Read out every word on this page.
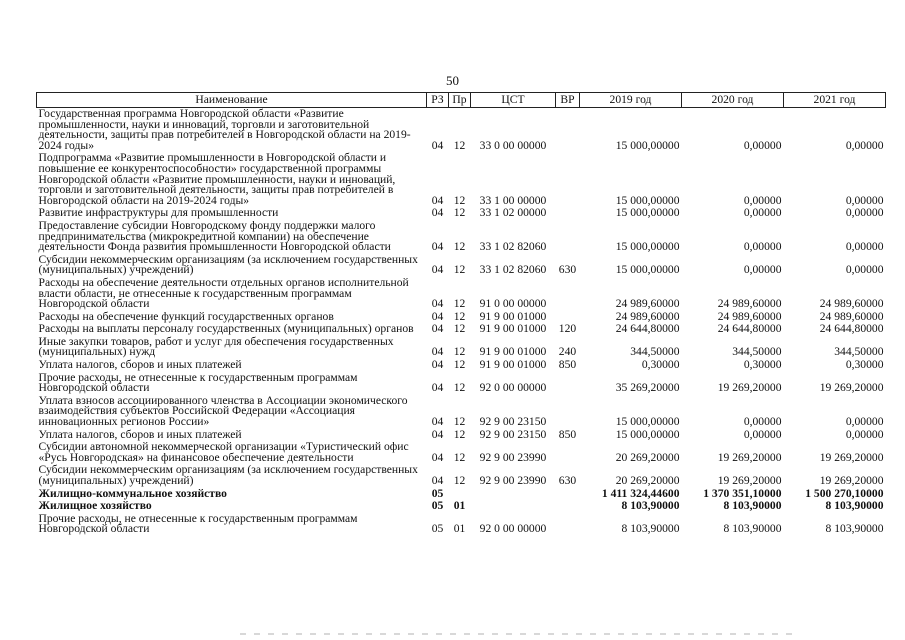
50
Наименование	РЗ	Пр	ЦСТ	ВР	2019 год	2020 год	2021 год
Государственная программа Новгородской области «Развитие промышленности, науки и инноваций, торговли и заготовительной деятельности, защиты прав потребителей в Новгородской области на 2019-2024 годы»	04	12	33 0 00 00000		15 000,00000	0,00000	0,00000
Подпрограмма «Развитие промышленности в Новгородской области и повышение ее конкурентоспособности» государственной программы Новгородской области «Развитие промышленности, науки и инноваций, торговли и заготовительной деятельности, защиты прав потребителей в Новгородской области на 2019-2024 годы»	04	12	33 1 00 00000		15 000,00000	0,00000	0,00000
Развитие инфраструктуры для промышленности	04	12	33 1 02 00000		15 000,00000	0,00000	0,00000
Предоставление субсидии Новгородскому фонду поддержки малого предпринимательства (микрокредитной компании) на обеспечение деятельности Фонда развития промышленности Новгородской области	04	12	33 1 02 82060		15 000,00000	0,00000	0,00000
Субсидии некоммерческим организациям (за исключением государственных (муниципальных) учреждений)	04	12	33 1 02 82060	630	15 000,00000	0,00000	0,00000
Расходы на обеспечение деятельности отдельных органов исполнительной власти области, не отнесенные к государственным программам Новгородской области	04	12	91 0 00 00000		24 989,60000	24 989,60000	24 989,60000
Расходы на обеспечение функций государственных органов	04	12	91 9 00 01000		24 989,60000	24 989,60000	24 989,60000
Расходы на выплаты персоналу государственных (муниципальных) органов	04	12	91 9 00 01000	120	24 644,80000	24 644,80000	24 644,80000
Иные закупки товаров, работ и услуг для обеспечения государственных (муниципальных) нужд	04	12	91 9 00 01000	240	344,50000	344,50000	344,50000
Уплата налогов, сборов и иных платежей	04	12	91 9 00 01000	850	0,30000	0,30000	0,30000
Прочие расходы, не отнесенные к государственным программам Новгородской области	04	12	92 0 00 00000		35 269,20000	19 269,20000	19 269,20000
Уплата взносов ассоциированного членства в Ассоциации экономического взаимодействия субъектов Российской Федерации «Ассоциация инновационных регионов России»	04	12	92 9 00 23150		15 000,00000	0,00000	0,00000
Уплата налогов, сборов и иных платежей	04	12	92 9 00 23150	850	15 000,00000	0,00000	0,00000
Субсидии автономной некоммерческой организации «Туристический офис «Русь Новгородская» на финансовое обеспечение деятельности	04	12	92 9 00 23990		20 269,20000	19 269,20000	19 269,20000
Субсидии некоммерческим организациям (за исключением государственных (муниципальных) учреждений)	04	12	92 9 00 23990	630	20 269,20000	19 269,20000	19 269,20000
Жилищно-коммунальное хозяйство	05				1 411 324,44600	1 370 351,10000	1 500 270,10000
Жилищное хозяйство	05	01			8 103,90000	8 103,90000	8 103,90000
Прочие расходы, не отнесенные к государственным программам Новгородской области	05	01	92 0 00 00000		8 103,90000	8 103,90000	8 103,90000
